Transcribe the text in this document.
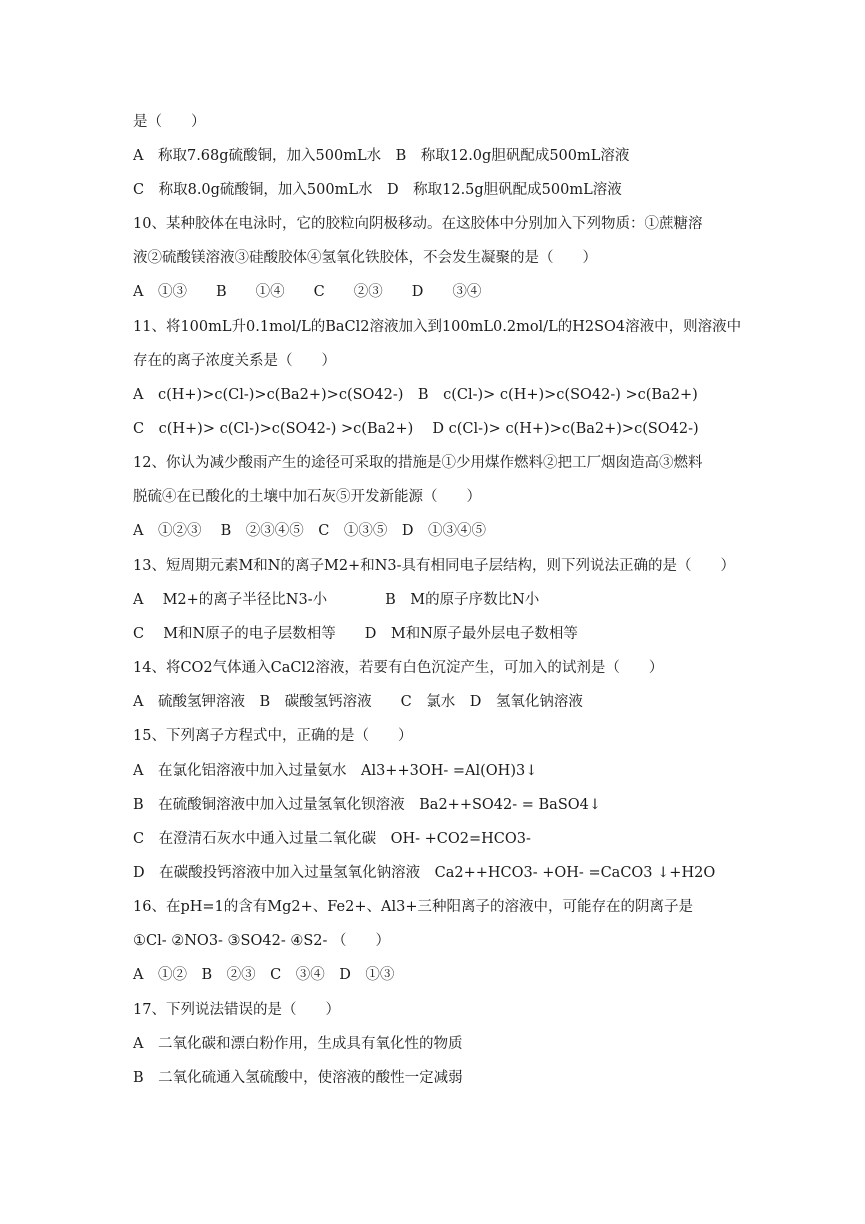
是（　　）
A　称取7.68g硫酸铜，加入500mL水　B　称取12.0g胆矾配成500mL溶液
C　称取8.0g硫酸铜，加入500mL水　D　称取12.5g胆矾配成500mL溶液
10、某种胶体在电泳时，它的胶粒向阴极移动。在这胶体中分别加入下列物质：①蔗糖溶
液②硫酸镁溶液③硅酸胶体④氢氧化铁胶体，不会发生凝聚的是（　　）
A　①③　　B　　①④　　C　　②③　　D　　③④
11、将100mL升0.1mol/L的BaCl2溶液加入到100mL0.2mol/L的H2SO4溶液中，则溶液中
存在的离子浓度关系是（　　）
A　c(H+)>c(Cl-)>c(Ba2+)>c(SO42-)　B　c(Cl-)> c(H+)>c(SO42-) >c(Ba2+)
C　c(H+)> c(Cl-)>c(SO42-) >c(Ba2+)　 D c(Cl-)> c(H+)>c(Ba2+)>c(SO42-)
12、你认为减少酸雨产生的途径可采取的措施是①少用煤作燃料②把工厂烟囱造高③燃料
脱硫④在已酸化的土壤中加石灰⑤开发新能源（　　）
A　①②③　 B　②③④⑤　C　①③⑤　D　①③④⑤
13、短周期元素M和N的离子M2+和N3-具有相同电子层结构，则下列说法正确的是（　　）
A　 M2+的离子半径比N3-小　　　　B　M的原子序数比N小
C　 M和N原子的电子层数相等　　D　M和N原子最外层电子数相等
14、将CO2气体通入CaCl2溶液，若要有白色沉淀产生，可加入的试剂是（　　）
A　硫酸氢钾溶液　B　碳酸氢钙溶液　　C　氯水　D　氢氧化钠溶液
15、下列离子方程式中，正确的是（　　）
A　在氯化铝溶液中加入过量氨水　Al3++3OH- =Al(OH)3↓
B　在硫酸铜溶液中加入过量氢氧化钡溶液　Ba2++SO42- = BaSO4↓
C　在澄清石灰水中通入过量二氧化碳　OH- +CO2=HCO3-
D　在碳酸投钙溶液中加入过量氢氧化钠溶液　Ca2++HCO3- +OH- =CaCO3 ↓+H2O
16、在pH=1的含有Mg2+、Fe2+、Al3+三种阳离子的溶液中，可能存在的阴离子是
①Cl- ②NO3- ③SO42- ④S2- （　　）
A　①②　B　②③　C　③④　D　①③
17、下列说法错误的是（　　）
A　二氧化碳和漂白粉作用，生成具有氧化性的物质
B　二氧化硫通入氢硫酸中，使溶液的酸性一定减弱
